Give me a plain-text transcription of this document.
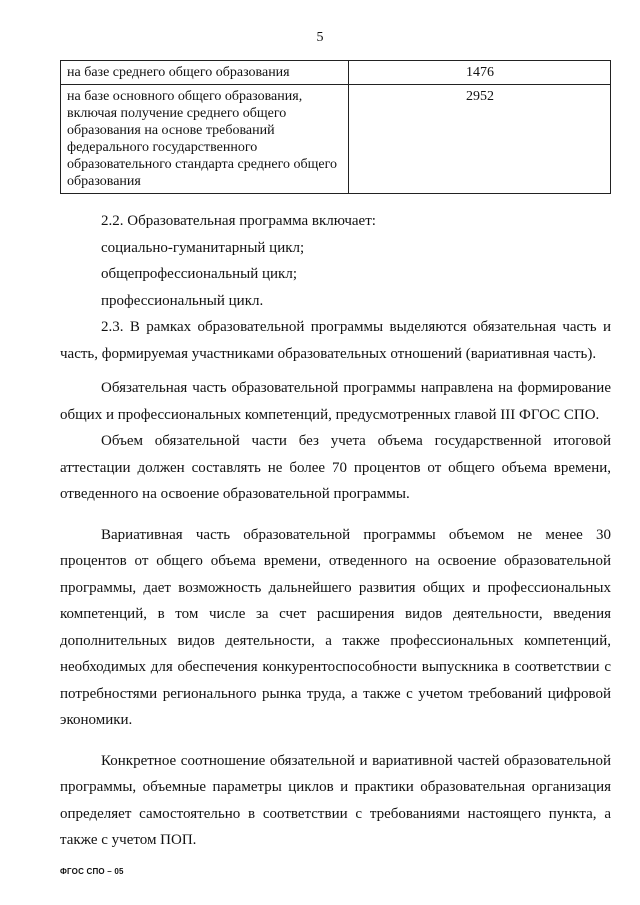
5
на базе среднего общего образования	1476
на базе основного общего образования, включая получение среднего общего образования на основе требований федерального государственного образовательного стандарта среднего общего образования	2952

2.2. Образовательная программа включает:

социально-гуманитарный цикл;

общепрофессиональный цикл;

профессиональный цикл.

2.3. В рамках образовательной программы выделяются обязательная часть и часть, формируемая участниками образовательных отношений (вариативная часть).

Обязательная часть образовательной программы направлена на формирование общих и профессиональных компетенций, предусмотренных главой III ФГОС СПО.

Объем обязательной части без учета объема государственной итоговой аттестации должен составлять не более 70 процентов от общего объема времени, отведенного на освоение образовательной программы.

Вариативная часть образовательной программы объемом не менее 30 процентов от общего объема времени, отведенного на освоение образовательной программы, дает возможность дальнейшего развития общих и профессиональных компетенций, в том числе за счет расширения видов деятельности, введения дополнительных видов деятельности, а также профессиональных компетенций, необходимых для обеспечения конкурентоспособности выпускника в соответствии с потребностями регионального рынка труда, а также с учетом требований цифровой экономики.

Конкретное соотношение обязательной и вариативной частей образовательной программы, объемные параметры циклов и практики образовательная организация определяет самостоятельно в соответствии с требованиями настоящего пункта, а также с учетом ПОП.

ФГОС СПО – 05
